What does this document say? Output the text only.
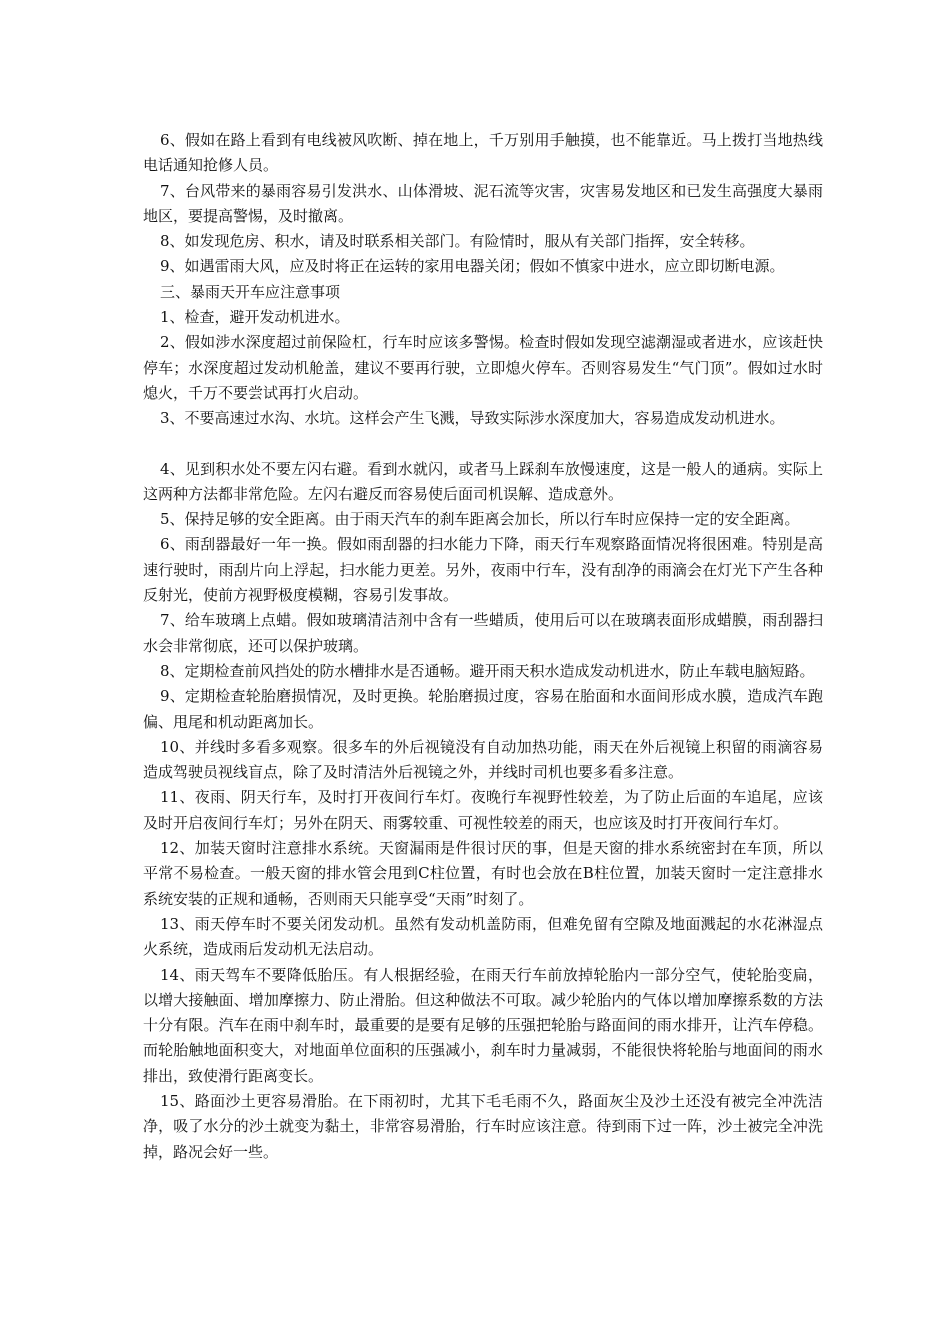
6、假如在路上看到有电线被风吹断、掉在地上，千万别用手触摸，也不能靠近。马上拨打当地热线电话通知抢修人员。

7、台风带来的暴雨容易引发洪水、山体滑坡、泥石流等灾害，灾害易发地区和已发生高强度大暴雨地区，要提高警惕，及时撤离。

8、如发现危房、积水，请及时联系相关部门。有险情时，服从有关部门指挥，安全转移。

9、如遇雷雨大风，应及时将正在运转的家用电器关闭；假如不慎家中进水，应立即切断电源。

三、暴雨天开车应注意事项

1、检查，避开发动机进水。

2、假如涉水深度超过前保险杠，行车时应该多警惕。检查时假如发现空滤潮湿或者进水，应该赶快停车；水深度超过发动机舱盖，建议不要再行驶，立即熄火停车。否则容易发生“气门顶”。假如过水时熄火，千万不要尝试再打火启动。

3、不要高速过水沟、水坑。这样会产生飞溅，导致实际涉水深度加大，容易造成发动机进水。

4、见到积水处不要左闪右避。看到水就闪，或者马上踩刹车放慢速度，这是一般人的通病。实际上这两种方法都非常危险。左闪右避反而容易使后面司机误解、造成意外。

5、保持足够的安全距离。由于雨天汽车的刹车距离会加长，所以行车时应保持一定的安全距离。

6、雨刮器最好一年一换。假如雨刮器的扫水能力下降，雨天行车观察路面情况将很困难。特别是高速行驶时，雨刮片向上浮起，扫水能力更差。另外，夜雨中行车，没有刮净的雨滴会在灯光下产生各种反射光，使前方视野极度模糊，容易引发事故。

7、给车玻璃上点蜡。假如玻璃清洁剂中含有一些蜡质，使用后可以在玻璃表面形成蜡膜，雨刮器扫水会非常彻底，还可以保护玻璃。

8、定期检查前风挡处的防水槽排水是否通畅。避开雨天积水造成发动机进水，防止车载电脑短路。

9、定期检查轮胎磨损情况，及时更换。轮胎磨损过度，容易在胎面和水面间形成水膜，造成汽车跑偏、甩尾和机动距离加长。

10、并线时多看多观察。很多车的外后视镜没有自动加热功能，雨天在外后视镜上积留的雨滴容易造成驾驶员视线盲点，除了及时清洁外后视镜之外，并线时司机也要多看多注意。

11、夜雨、阴天行车，及时打开夜间行车灯。夜晚行车视野性较差，为了防止后面的车追尾，应该及时开启夜间行车灯；另外在阴天、雨雾较重、可视性较差的雨天，也应该及时打开夜间行车灯。

12、加装天窗时注意排水系统。天窗漏雨是件很讨厌的事，但是天窗的排水系统密封在车顶，所以平常不易检查。一般天窗的排水管会甩到C柱位置，有时也会放在B柱位置，加装天窗时一定注意排水系统安装的正规和通畅，否则雨天只能享受“天雨”时刻了。

13、雨天停车时不要关闭发动机。虽然有发动机盖防雨，但难免留有空隙及地面溅起的水花淋湿点火系统，造成雨后发动机无法启动。

14、雨天驾车不要降低胎压。有人根据经验，在雨天行车前放掉轮胎内一部分空气，使轮胎变扁，以增大接触面、增加摩擦力、防止滑胎。但这种做法不可取。减少轮胎内的气体以增加摩擦系数的方法十分有限。汽车在雨中刹车时，最重要的是要有足够的压强把轮胎与路面间的雨水排开，让汽车停稳。而轮胎触地面积变大，对地面单位面积的压强减小，刹车时力量减弱，不能很快将轮胎与地面间的雨水排出，致使滑行距离变长。

15、路面沙土更容易滑胎。在下雨初时，尤其下毛毛雨不久，路面灰尘及沙土还没有被完全冲洗洁净，吸了水分的沙土就变为黏土，非常容易滑胎，行车时应该注意。待到雨下过一阵，沙土被完全冲洗掉，路况会好一些。
